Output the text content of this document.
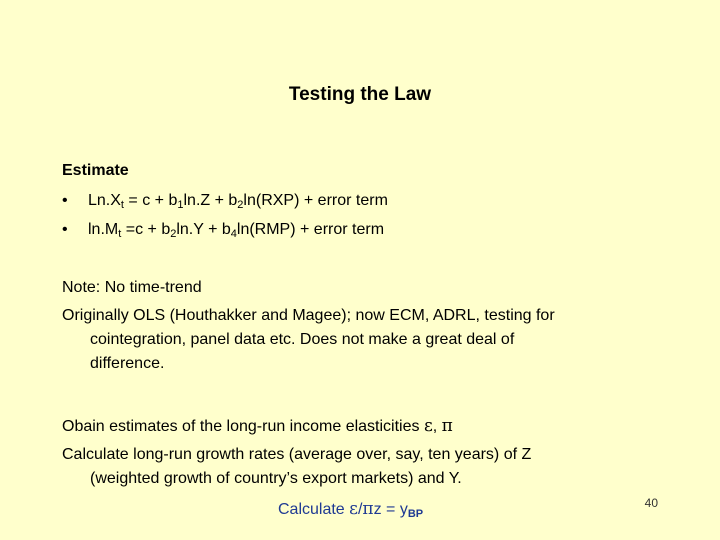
Testing the Law
Estimate
• $Ln.X_t = c + b_1\ln.Z + b_2\ln(RXP)$ + error term
• $\ln.M_t =c + b_2\ln.Y + b_4\ln(RMP)$ + error term
Note: No time-trend
Originally OLS (Houthakker and Magee); now ECM, ADRL, testing for
cointegration, panel data etc. Does not make a great deal of
difference.
Obain estimates of the long-run income elasticities ε, π
Calculate long-run growth rates (average over, say, ten years) of Z
(weighted growth of country’s export markets) and Y.
Calculate $\varepsilon/\pi z = y_{BP}$
40
